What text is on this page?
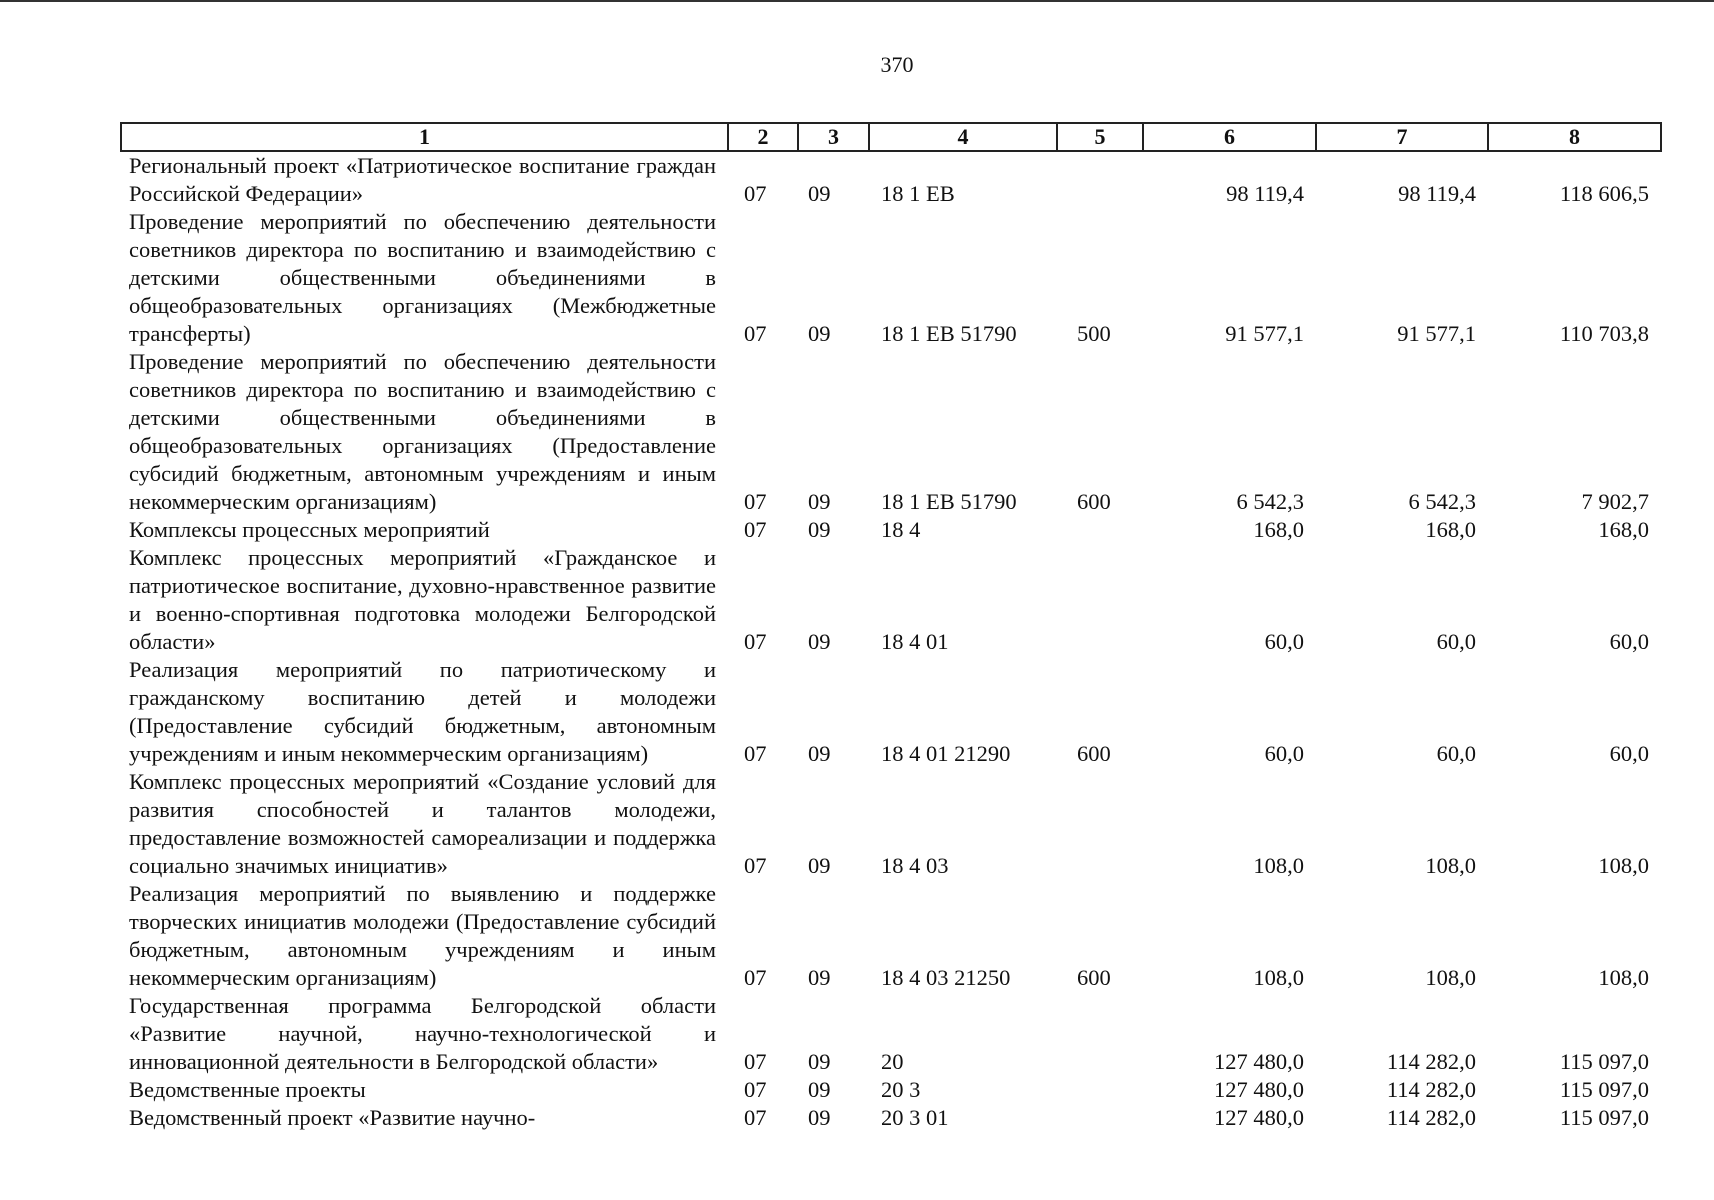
370
1	2	3	4	5	6	7	8
Региональный проект «Патриотическое воспитание граждан Российской Федерации»	07	09	18 1 EB		98 119,4	98 119,4	118 606,5
Проведение мероприятий по обеспечению деятельности советников директора по воспитанию и взаимодействию с детскими общественными объединениями в общеобразовательных организациях (Межбюджетные трансферты)	07	09	18 1 EB 51790	500	91 577,1	91 577,1	110 703,8
Проведение мероприятий по обеспечению деятельности советников директора по воспитанию и взаимодействию с детскими общественными объединениями в общеобразовательных организациях (Предоставление субсидий бюджетным, автономным учреждениям и иным некоммерческим организациям)	07	09	18 1 EB 51790	600	6 542,3	6 542,3	7 902,7
Комплексы процессных мероприятий	07	09	18 4		168,0	168,0	168,0
Комплекс процессных мероприятий «Гражданское и патриотическое воспитание, духовно-нравственное развитие и военно-спортивная подготовка молодежи Белгородской области»	07	09	18 4 01		60,0	60,0	60,0
Реализация мероприятий по патриотическому и гражданскому воспитанию детей и молодежи (Предоставление субсидий бюджетным, автономным учреждениям и иным некоммерческим организациям)	07	09	18 4 01 21290	600	60,0	60,0	60,0
Комплекс процессных мероприятий «Создание условий для развития способностей и талантов молодежи, предоставление возможностей самореализации и поддержка социально значимых инициатив»	07	09	18 4 03		108,0	108,0	108,0
Реализация мероприятий по выявлению и поддержке творческих инициатив молодежи (Предоставление субсидий бюджетным, автономным учреждениям и иным некоммерческим организациям)	07	09	18 4 03 21250	600	108,0	108,0	108,0
Государственная программа Белгородской области «Развитие научной, научно-технологической и инновационной деятельности в Белгородской области»	07	09	20		127 480,0	114 282,0	115 097,0
Ведомственные проекты	07	09	20 3		127 480,0	114 282,0	115 097,0
Ведомственный проект «Развитие научно-	07	09	20 3 01		127 480,0	114 282,0	115 097,0
